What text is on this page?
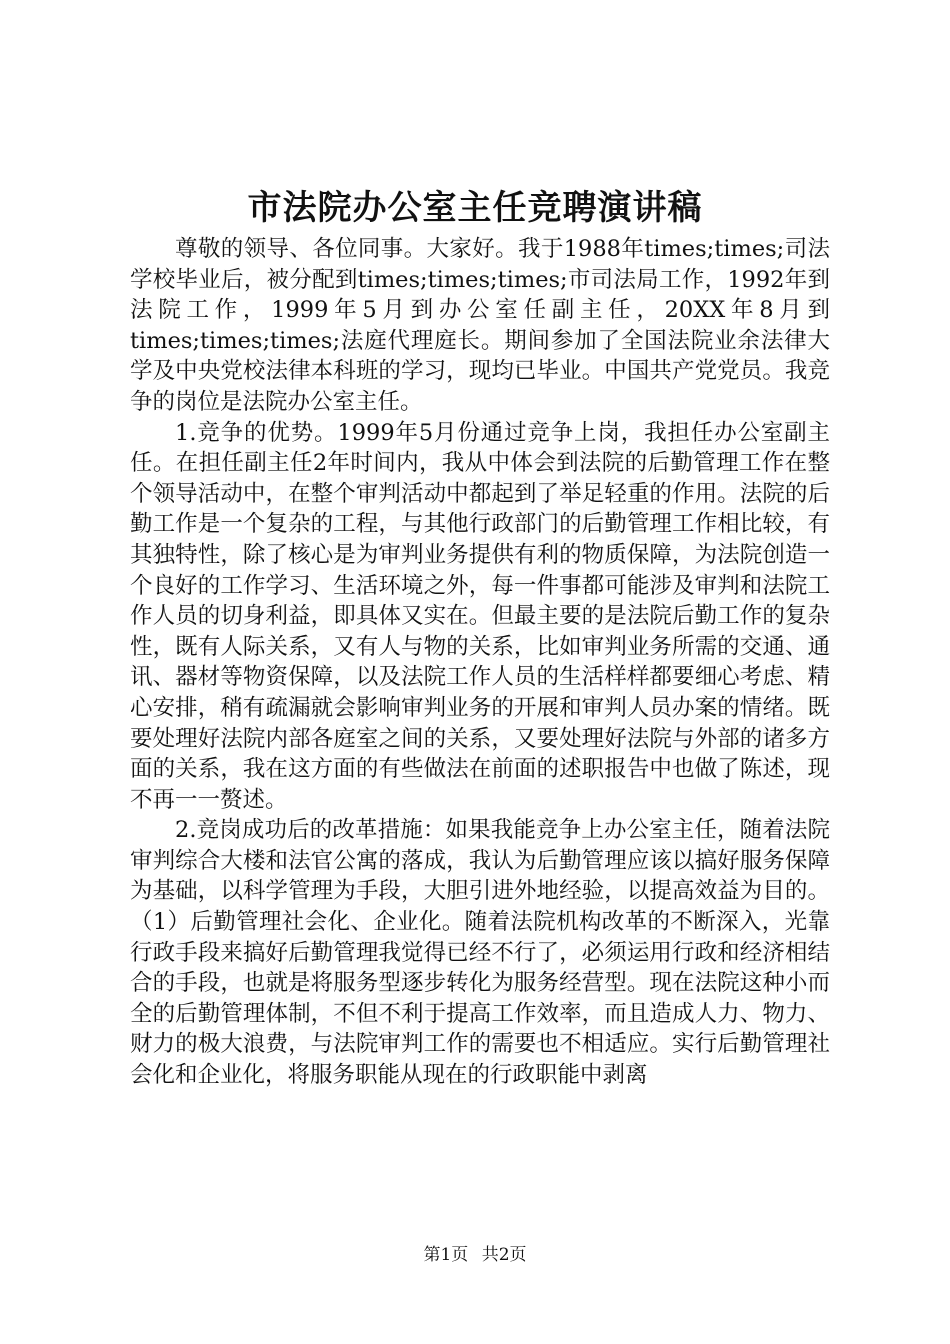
市法院办公室主任竞聘演讲稿

尊敬的领导、各位同事。大家好。我于1988年times;times;司法学校毕业后，被分配到times;times;times;市司法局工作，1992年到法院工作，1999年5月到办公室任副主任，20XX年8月到times;times;times;法庭代理庭长。期间参加了全国法院业余法律大学及中央党校法律本科班的学习，现均已毕业。中国共产党党员。我竞争的岗位是法院办公室主任。

1.竞争的优势。1999年5月份通过竞争上岗，我担任办公室副主任。在担任副主任2年时间内，我从中体会到法院的后勤管理工作在整个领导活动中，在整个审判活动中都起到了举足轻重的作用。法院的后勤工作是一个复杂的工程，与其他行政部门的后勤管理工作相比较，有其独特性，除了核心是为审判业务提供有利的物质保障，为法院创造一个良好的工作学习、生活环境之外，每一件事都可能涉及审判和法院工作人员的切身利益，即具体又实在。但最主要的是法院后勤工作的复杂性，既有人际关系，又有人与物的关系，比如审判业务所需的交通、通讯、器材等物资保障，以及法院工作人员的生活样样都要细心考虑、精心安排，稍有疏漏就会影响审判业务的开展和审判人员办案的情绪。既要处理好法院内部各庭室之间的关系，又要处理好法院与外部的诸多方面的关系，我在这方面的有些做法在前面的述职报告中也做了陈述，现不再一一赘述。

2.竞岗成功后的改革措施：如果我能竞争上办公室主任，随着法院审判综合大楼和法官公寓的落成，我认为后勤管理应该以搞好服务保障为基础，以科学管理为手段，大胆引进外地经验，以提高效益为目的。（1）后勤管理社会化、企业化。随着法院机构改革的不断深入，光靠行政手段来搞好后勤管理我觉得已经不行了，必须运用行政和经济相结合的手段，也就是将服务型逐步转化为服务经营型。现在法院这种小而全的后勤管理体制，不但不利于提高工作效率，而且造成人力、物力、财力的极大浪费，与法院审判工作的需要也不相适应。实行后勤管理社会化和企业化，将服务职能从现在的行政职能中剥离

第1页 共2页
